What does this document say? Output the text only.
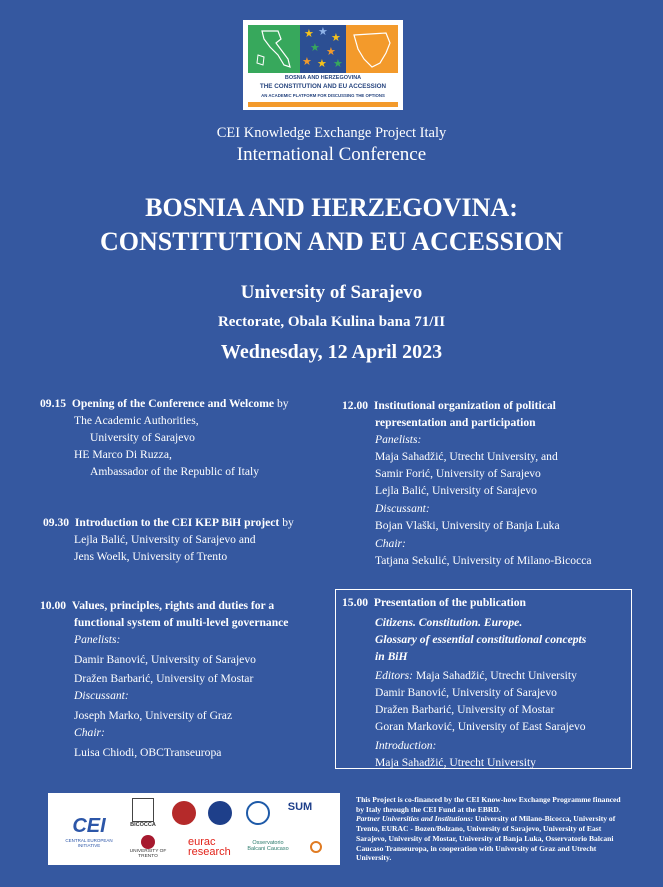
★ ★ ★
★ ★
★ ★ ★
BOSNIA AND HERZEGOVINA
THE CONSTITUTION AND EU ACCESSION
AN ACADEMIC PLATFORM FOR DISCUSSING THE OPTIONS
CEI Knowledge Exchange Project Italy
International Conference
BOSNIA AND HERZEGOVINA:
CONSTITUTION AND EU ACCESSION
University of Sarajevo
Rectorate, Obala Kulina bana 71/II
Wednesday, 12 April 2023
09.15 Opening of the Conference and Welcome by
The Academic Authorities,
University of Sarajevo
HE Marco Di Ruzza,
Ambassador of the Republic of Italy
09.30 Introduction to the CEI KEP BiH project by
Lejla Balić, University of Sarajevo and
Jens Woelk, University of Trento
10.00 Values, principles, rights and duties for a
functional system of multi-level governance
Panelists:
Damir Banović, University of Sarajevo
Dražen Barbarić, University of Mostar
Discussant:
Joseph Marko, University of Graz
Chair:
Luisa Chiodi, OBCTranseuropa
12.00 Institutional organization of political
representation and participation
Panelists:
Maja Sahadžić, Utrecht University, and
Samir Forić, University of Sarajevo
Lejla Balić, University of Sarajevo
Discussant:
Bojan Vlaški, University of Banja Luka
Chair:
Tatjana Sekulić, University of Milano-Bicocca
15.00 Presentation of the publication
Citizens. Constitution. Europe.
Glossary of essential constitutional concepts
in BiH
Editors: Maja Sahadžić, Utrecht University
Damir Banović, University of Sarajevo
Dražen Barbarić, University of Mostar
Goran Marković, University of East Sarajevo
Introduction:
Maja Sahadžić, Utrecht University
CEI
CENTRAL EUROPEAN INITIATIVE
BICOCCA
SUM
UNIVERSITY OF TRENTO
eurac
research
Osservatorio
Balcani Caucaso
This Project is co-financed by the CEI Know-how Exchange Programme financed by Italy through the CEI Fund at the EBRD.
Partner Universities and Institutions: University of Milano-Bicocca, University of Trento, EURAC - Bozen/Bolzano, University of Sarajevo, University of East Sarajevo, University of Mostar, University of Banja Luka, Osservatorio Balcani Caucaso Transeuropa, in cooperation with University of Graz and Utrecht University.
